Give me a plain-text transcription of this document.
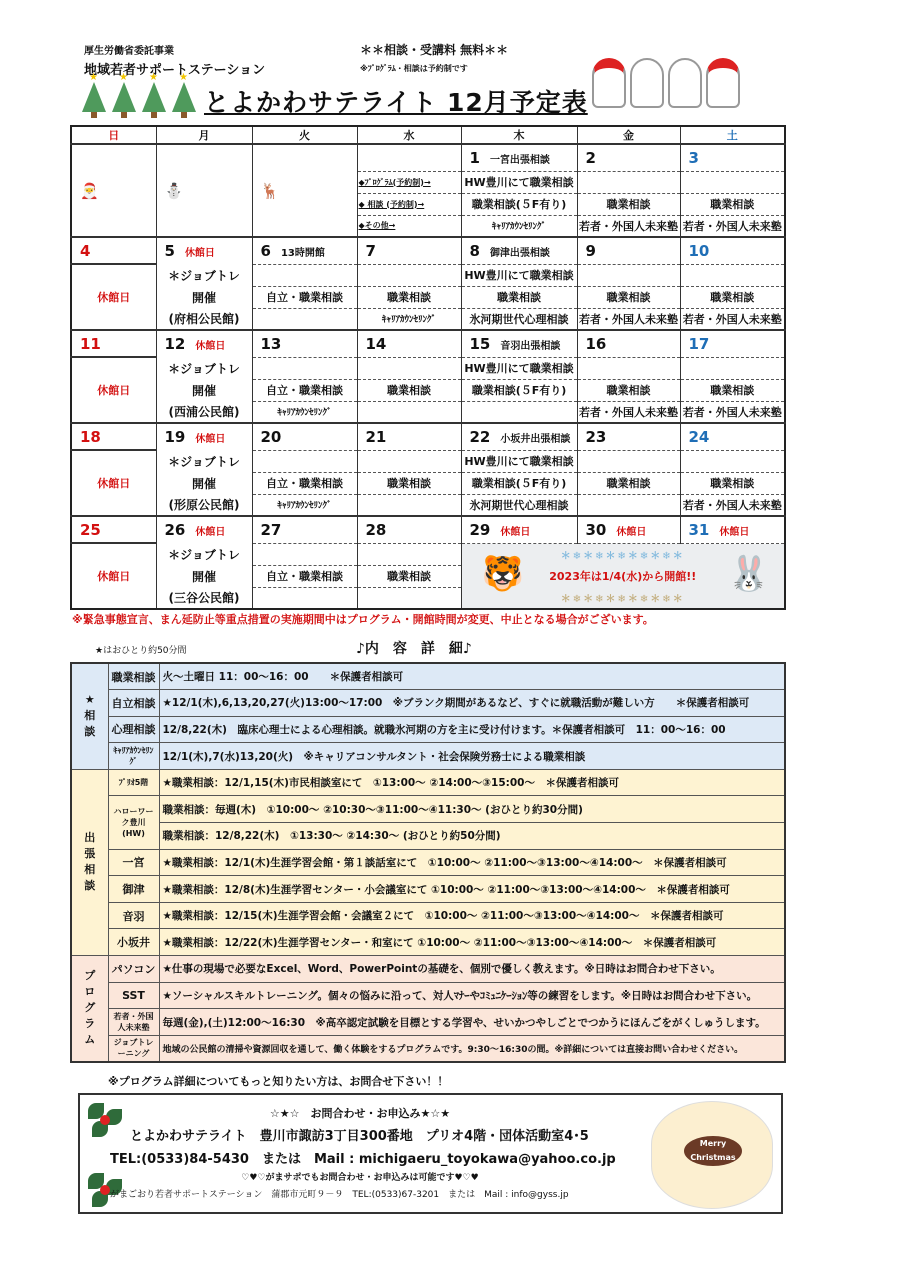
厚生労働省委託事業
地域若者サポートステーション
＊＊相談・受講料 無料＊＊
※ﾌﾟﾛｸﾞﾗﾑ・相談は予約制です
★★★★
とよかわサテライト 12月予定表
日	月	火	水	木	金	土
🎅	⛄	🦌		1 一宮出張相談	2	3
			◆ﾌﾟﾛｸﾞﾗﾑ(予約制)→	HW豊川にて職業相談		
			◆ 相談 (予約制)→	職業相談(５F有り)	職業相談	職業相談
			◆その他→	ｷｬﾘｱｶｳﾝｾﾘﾝｸﾞ	若者・外国人未来塾	若者・外国人未来塾
4	5 休館日	6 13時開館	7	8 御津出張相談	9	10
休館日	＊ジョブトレ			HW豊川にて職業相談		
	開催	自立・職業相談	職業相談	職業相談	職業相談	職業相談
	(府相公民館)		ｷｬﾘｱｶｳﾝｾﾘﾝｸﾞ	氷河期世代心理相談	若者・外国人未来塾	若者・外国人未来塾
11	12 休館日	13	14	15 音羽出張相談	16	17
休館日	＊ジョブトレ			HW豊川にて職業相談		
	開催	自立・職業相談	職業相談	職業相談(５F有り)	職業相談	職業相談
	(西浦公民館)	ｷｬﾘｱｶｳﾝｾﾘﾝｸﾞ			若者・外国人未来塾	若者・外国人未来塾
18	19 休館日	20	21	22 小坂井出張相談	23	24
休館日	＊ジョブトレ			HW豊川にて職業相談		
	開催	自立・職業相談	職業相談	職業相談(５F有り)	職業相談	職業相談
	(形原公民館)	ｷｬﾘｱｶｳﾝｾﾘﾝｸﾞ		氷河期世代心理相談		若者・外国人未来塾
25	26 休館日	27	28	29 休館日	30 休館日	31 休館日
休館日	＊ジョブトレ			🐯 🐰
＊❄＊❄＊❄＊❄＊❄＊
2023年は1/4(水)から開館!!
＊❄＊❄＊❄＊❄＊❄＊		

	開催	自立・職業相談	職業相談			
	(三谷公民館)					
※緊急事態宣言、まん延防止等重点措置の実施期間中はプログラム・開館時間が変更、中止となる場合がございます。
★はおひとり約50分間	♪内　容　詳　細♪
★相談	職業相談	火～土曜日 11：00～16：00　　＊保護者相談可
	自立相談	★12/1(木),6,13,20,27(火)13:00～17:00　※ブランク期間があるなど、すぐに就職活動が難しい方　　＊保護者相談可
	心理相談	12/8,22(木)　臨床心理士による心理相談。就職氷河期の方を主に受け付けます。＊保護者相談可　11：00～16：00
	ｷｬﾘｱｶｳﾝｾﾘﾝｸﾞ	12/1(木),7(水)13,20(火)　※キャリアコンサルタント・社会保険労務士による職業相談
出張相談	ﾌﾟﾘｵ5階	★職業相談：12/1,15(木)市民相談室にて　①13:00～ ②14:00～③15:00～　＊保護者相談可
	ハローワーク豊川(HW)	職業相談：毎週(木)　①10:00～ ②10:30～③11:00～④11:30～ (おひとり約30分間)
		職業相談：12/8,22(木)　①13:30～ ②14:30～ (おひとり約50分間)
	一宮	★職業相談：12/1(木)生涯学習会館・第１談話室にて　①10:00～ ②11:00～③13:00～④14:00～　＊保護者相談可
	御津	★職業相談：12/8(木)生涯学習センター・小会議室にて ①10:00～ ②11:00～③13:00～④14:00～　＊保護者相談可
	音羽	★職業相談：12/15(木)生涯学習会館・会議室２にて　①10:00～ ②11:00～③13:00～④14:00～　＊保護者相談可
	小坂井	★職業相談：12/22(木)生涯学習センター・和室にて ①10:00～ ②11:00～③13:00～④14:00～　＊保護者相談可
プログラム	パソコン	★仕事の現場で必要なExcel、Word、PowerPointの基礎を、個別で優しく教えます。※日時はお問合わせ下さい。
	SST	★ソーシャルスキルトレーニング。個々の悩みに沿って、対人ﾏﾅｰやｺﾐｭﾆｹｰｼｮﾝ等の練習をします。※日時はお問合わせ下さい。
	若者・外国人未来塾	毎週(金),(土)12:00～16:30　※高卒認定試験を目標とする学習や、せいかつやしごとでつかうにほんごをがくしゅうします。
	ジョブトレーニング	地域の公民館の清掃や資源回収を通して、働く体験をするプログラムです。9:30～16:30の間。※詳細については直接お問い合わせください。
※プログラム詳細についてもっと知りたい方は、お問合せ下さい！！
☆★☆　お問合わせ・お申込み★☆★
とよかわサテライト　豊川市諏訪3丁目300番地　プリオ4階・団体活動室4･5
TEL:(0533)84-5430　または　Mail : michigaeru_toyokawa@yahoo.co.jp
♡♥♡がまサポでもお問合わせ・お申込みは可能です♥♡♥
がまごおり若者サポートステーション　蒲郡市元町９－９　TEL:(0533)67-3201　または　Mail : info@gyss.jp
Merry Christmas
